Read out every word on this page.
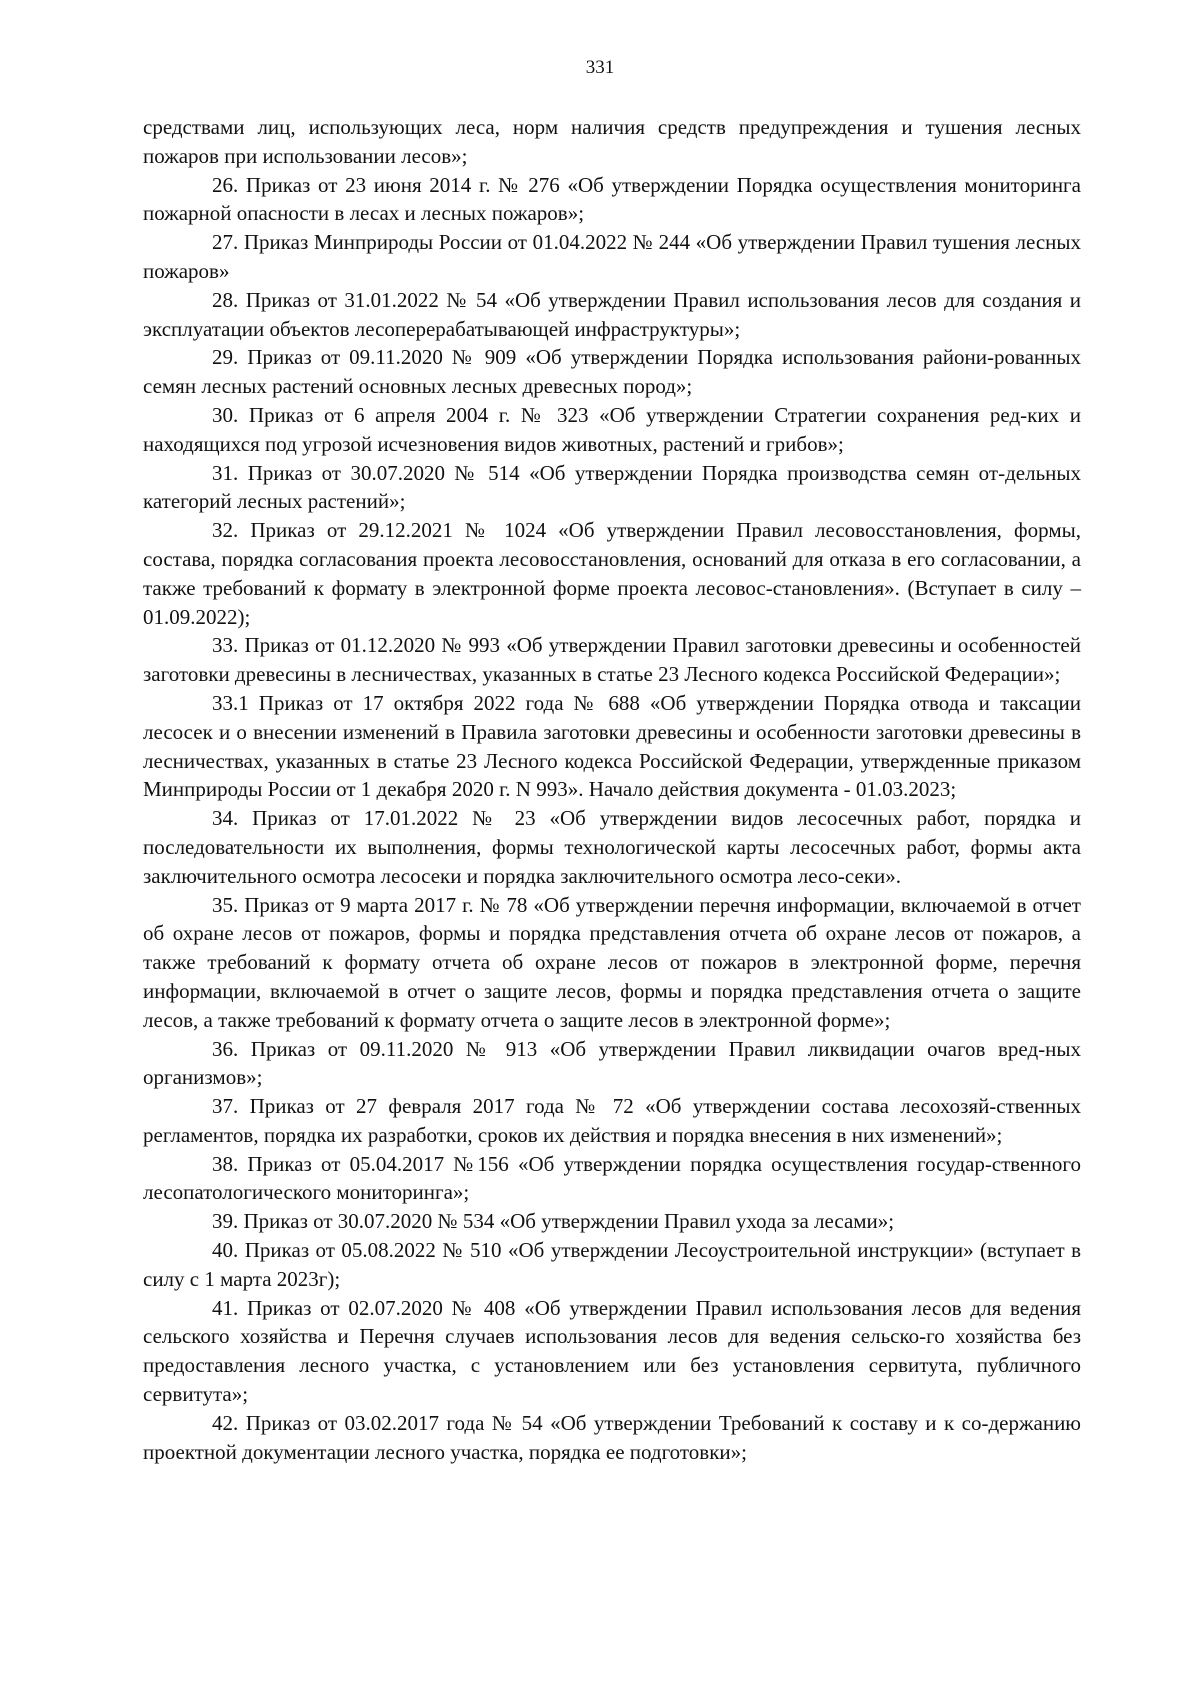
331

средствами лиц, использующих леса, норм наличия средств предупреждения и тушения лесных пожаров при использовании лесов»;

26. Приказ от 23 июня 2014 г. № 276 «Об утверждении Порядка осуществления мониторинга пожарной опасности в лесах и лесных пожаров»;

27. Приказ Минприроды России от 01.04.2022 № 244 «Об утверждении Правил тушения лесных пожаров»

28. Приказ от 31.01.2022 № 54 «Об утверждении Правил использования лесов для создания и эксплуатации объектов лесоперерабатывающей инфраструктуры»;

29. Приказ от 09.11.2020 № 909 «Об утверждении Порядка использования райони-рованных семян лесных растений основных лесных древесных пород»;

30. Приказ от 6 апреля 2004 г. № 323 «Об утверждении Стратегии сохранения ред-ких и находящихся под угрозой исчезновения видов животных, растений и грибов»;

31. Приказ от 30.07.2020 № 514 «Об утверждении Порядка производства семян от-дельных категорий лесных растений»;

32. Приказ от 29.12.2021 № 1024 «Об утверждении Правил лесовосстановления, формы, состава, порядка согласования проекта лесовосстановления, оснований для отказа в его согласовании, а также требований к формату в электронной форме проекта лесовос-становления». (Вступает в силу – 01.09.2022);

33. Приказ от 01.12.2020 № 993 «Об утверждении Правил заготовки древесины и особенностей заготовки древесины в лесничествах, указанных в статье 23 Лесного кодекса Российской Федерации»;

33.1 Приказ от 17 октября 2022 года № 688 «Об утверждении Порядка отвода и таксации лесосек и о внесении изменений в Правила заготовки древесины и особенности заготовки древесины в лесничествах, указанных в статье 23 Лесного кодекса Российской Федерации, утвержденные приказом Минприроды России от 1 декабря 2020 г. N 993». Начало действия документа - 01.03.2023;

34. Приказ от 17.01.2022 № 23 «Об утверждении видов лесосечных работ, порядка и последовательности их выполнения, формы технологической карты лесосечных работ, формы акта заключительного осмотра лесосеки и порядка заключительного осмотра лесо-секи».

35. Приказ от 9 марта 2017 г. № 78 «Об утверждении перечня информации, включаемой в отчет об охране лесов от пожаров, формы и порядка представления отчета об охране лесов от пожаров, а также требований к формату отчета об охране лесов от пожаров в электронной форме, перечня информации, включаемой в отчет о защите лесов, формы и порядка представления отчета о защите лесов, а также требований к формату отчета о защите лесов в электронной форме»;

36. Приказ от 09.11.2020 № 913 «Об утверждении Правил ликвидации очагов вред-ных организмов»;

37. Приказ от 27 февраля 2017 года № 72 «Об утверждении состава лесохозяй-ственных регламентов, порядка их разработки, сроков их действия и порядка внесения в них изменений»;

38. Приказ от 05.04.2017 №156 «Об утверждении порядка осуществления государ-ственного лесопатологического мониторинга»;

39. Приказ от 30.07.2020 № 534 «Об утверждении Правил ухода за лесами»;

40. Приказ от 05.08.2022 № 510 «Об утверждении Лесоустроительной инструкции» (вступает в силу с 1 марта 2023г);

41. Приказ от 02.07.2020 № 408 «Об утверждении Правил использования лесов для ведения сельского хозяйства и Перечня случаев использования лесов для ведения сельско-го хозяйства без предоставления лесного участка, с установлением или без установления сервитута, публичного сервитута»;

42. Приказ от 03.02.2017 года № 54 «Об утверждении Требований к составу и к со-держанию проектной документации лесного участка, порядка ее подготовки»;
